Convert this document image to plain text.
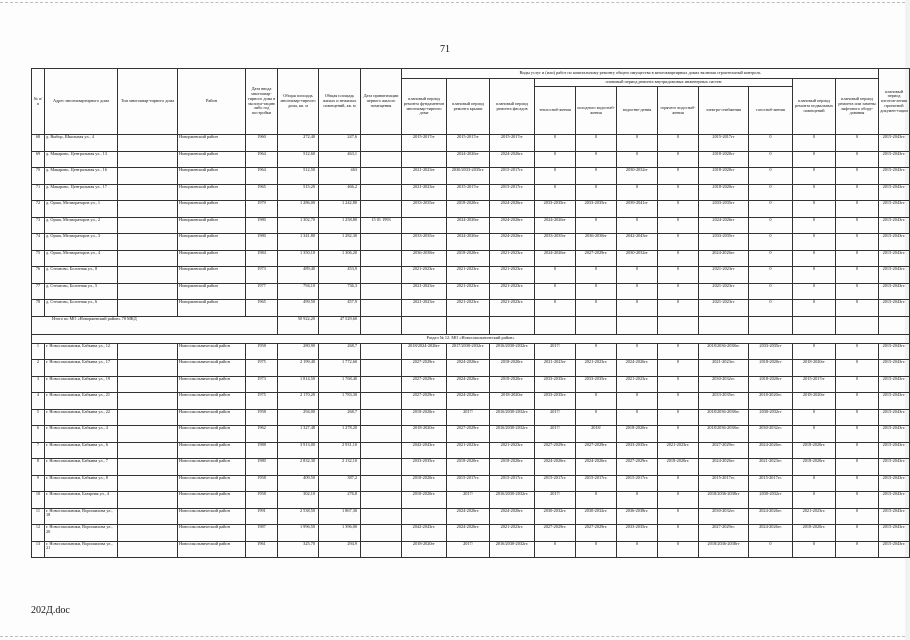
71
№ п/п	Адрес многоквартирного дома	Тип многоквар-тирного дома	Район	Дата ввода многоквар-тирного дома в эксплуа-тацию либо год постройки	Общая площадь многоквар-тирного дома, кв. м	Общая площадь жилых и нежилых помещений, кв. м	Дата приватизации первого жилого помещения	Виды услуг и (или) работ по капитальному ремонту общего имущества в многоквартирных домах включая строительный контроль											плановый период изготов-ления проектной докумен-тации
								плановый период ремонта фундаментов многоквар-тирного дома	плановый период ремонта крыши	плановый период ремонта фасадов	плановый период ремонта внутридомовых инженерных систем						плановый период ремонта подвальных помещений	плановый период ремонта или замены лифтового обору-дования	
											теплоснаб-жения	холодного водоснаб-жения	водоотве-дения	горячего водоснаб-жения	электро-снабжения	газоснаб-жения			
68	д. Выбор, Школьная ул., 4		Новоржевский район	1960	272,40	247,6		2015-2017гг	2015-2017гг	2015-2017гг	0	0	0	0	2015-2017гг	0	0	0	2015-2043гг.
69	д. Макарово, Центральная ул., 13		Новоржевский район	1964	512,60	463,1			2024-2026гг	2024-2026гг.	0	0	0	0	2018-2020гг	0	0	0	2015-2043гг.
70	д. Макарово, Центральная ул., 16		Новоржевский район	1964	512,50	463		2021-2023гг	2030/2033-2035гг.	2015-2017гг.	0	0	2030-2032гг	0	2018-2020гг	0	0	0	2015-2043гг.
71	д. Макарово, Центральная ул., 17		Новоржевский район	1965	515,20	466,2		2021-2023гг	2015-2017гг	2015-2017гг.	0	0	0	0	2018-2020гг	0	0	0	2015-2043гг.
72	д. Орша, Мелиораторов ул., 1		Новоржевский район	1979	1 286,00	1 242,80		2033-2035гг	2018-2020гг.	2024-2026гг.	2033-2035гг.	2033-2035гг.	2039-2041гг	0	2033-2035гг	0	0	0	2015-2043гг.
73	д. Орша, Мелиораторов ул., 2		Новоржевский район	1980	1 302,70	1 258,80	15 01 1993		2024-2026гг	2024-2026гг.	2024-2026гг	0	0	0	2024-2026гг	0	0	0	2015-2043гг.
74	д. Орша, Мелиораторов ул., 3		Новоржевский район	1980	1 341,80	1 282,30		2033-2035гг	2024-2026гг	2024-2026гг.	2033-2035гг	2036-2038гг	2042-2043гг	0	2033-2035гг	0	0	0	2015-2043гг.
75	д. Орша, Мелиораторов ул., 4		Новоржевский район	1984	1 350,10	1 306,20		2036-2038гг	2018-2020гг.	2021-2023гг.	2024-2026гг	2027-2029гг.	2030-2032гг	0	2024-2026гг.	0	0	0	2015-2043гг.
76	д. Стехново, Болотная ул., 8		Новоржевский район	1973	489,40	453,9		2021-2023гг.	2021-2023гг.	2021-2023гг.	0	0	0	0	2021-2023гг	0	0	0	2015-2043гг.
77	д. Стехново, Болотная ул., 5		Новоржевский район	1977	794,10	736,3		2021-2023гг	2021-2023гг.	2021-2023гг.	0	0	0	0	2021-2023гг	0	0	0	2015-2043гг.
78	д. Стехново, Болотная ул., 6		Новоржевский район	1965	499,50	457,9		2021-2023гг	2021-2023гг.	2021-2023гг.	0	0	0	0	2021-2023гг	0	0	0	2015-2043гг.
Итого по МО «Новоржевский район» 78 МКД					50 922,20	47 529,60													
Раздел № 12. МО «Новосокольнический район»																			
1	г. Новосокольники, Бабкина ул., 12		Новосокольнический район	1958	280,90	268,7		2018/2024-2026гг	2017/2030-2032гг.	2016/2030-2032гг.	2017/	0	0	0	2018/2036-2038гг.	2033-2035гг	0	0	2015-2043гг.
2	г. Новосокольники, Бабкина ул., 17		Новосокольнический район	1975	2 199,40	1 772,60		2027-2029гг.	2024-2026гг.	2018-2020гг.	2021-2023гг	2021-2023гг.	2024-2026гг.	0	2021-2023гг.	2018-2020гг	2018-2020гг	0	2015-2043гг.
3	г. Новосокольники, Бабкина ул., 19		Новосокольнический район	1973	1 814,50	1 768,40		2027-2029гг.	2024-2026гг.	2018-2020гг.	2033-2035гг.	2033-2035гг.	2021-2023гг.	0	2030-2032гг.	2018-2020гг	2015-2017гг	0	2015-2043гг.
4	г. Новосокольники, Бабкина ул., 21		Новосокольнический район	1975	2 170,20	1 783,30		2027-2029гг.	2024-2026гг.	2018-2020гг	2033-2035гг.	0	0	0	2033-2035гг.	2018-2020гг.	2018-2020гг	0	2015-2043гг.
5	г. Новосокольники, Бабкина ул., 22		Новосокольнический район	1958	294,00	268,7		2018-2020гг.	2017/	2016/2030-2032гг.	2017/	0	0	0	2018/2036-2038гг.	2030-2032гг	0	0	2015-2043гг.
6	г. Новосокольники, Бабкина ул., 4		Новосокольнический район	1962	1 327,48	1 278,20		2018-2020гг	2027-2029гг.	2016/2030-2032гг.	2017/	2018/	2018-2020гг.	0	2018/2036-2038гг.	2030-2032гг.	0	0	2015-2043гг.
7	г. Новосокольники, Бабкина ул., 6		Новосокольнический район	1988	3 913,00	2 931,10		2042-2043гг.	2021-2023гг.	2021-2023гг.	2027-2029гг.	2027-2029гг.	2033-2035гг.	2021-2023гг.	2027-2029гг.	2024-2026гг.	2018-2020гг.	0	2015-2043гг.
8	г. Новосокольники, Бабкина ул., 7		Новосокольнический район	1980	2 832,30	2 132,10		2033-2035гг.	2018-2020гг.	2018-2020гг.	2024-2026гг.	2024-2026гг.	2027-2029гг.	2018-2020гг.	2024-2026гг.	2021-2023гг.	2018-2020гг.	0	2015-2043гг.
9	г. Новосокольники, Бабкина ул., 8		Новосокольнический район	1958	409,50	387,2		2018-2020гг.	2015-2017гг.	2015-2017гг.	2015-2017гг.	2015-2017гг.	2015-2017гг.	0	2015-2017гг.	2015-2017гг.	0	0	2015-2043гг.
10	г. Новосокольники, Базарная ул., 4		Новосокольнический район	1958	302,10	276,8		2018-2020гг.	2017/	2016/2030-2032гг.	2017/	0	0	0	2018/2036-2038гг	2030-2032гг	0	0	2015-2043гг.
11	г. Новосокольники, Ворошилова ул., 18		Новосокольнический район	1991	2 538,50	1 867,30			2024-2026гг.	2024-2026гг.	2030-2032гг.	2030-2032гг.	2036-2038гг.	0	2030-2032гг.	2024-2026гг.	2021-2023гг.	0	2015-2043гг.
12	г. Новосокольники, Ворошилова ул., 20		Новосокольнический район	1987	1 996,50	1 396,00		2042-2043гг.	2024-2026гг.	2021-2023гг.	2027-2029гг.	2027-2029гг.	2033-2035гг.	0	2027-2029гг.	2024-2026гг.	2018-2020гг.	0	2015-2043гг.
13	г. Новосокольники, Ворошилова ул., 21		Новосокольнический район	1961	325,70	294,9		2018-2020гг	2017/	2016/2030-2032гг.	0	0	0	0	2018/2036-2038гг	0	0	0	2015-2043гг.
202Д.doc
